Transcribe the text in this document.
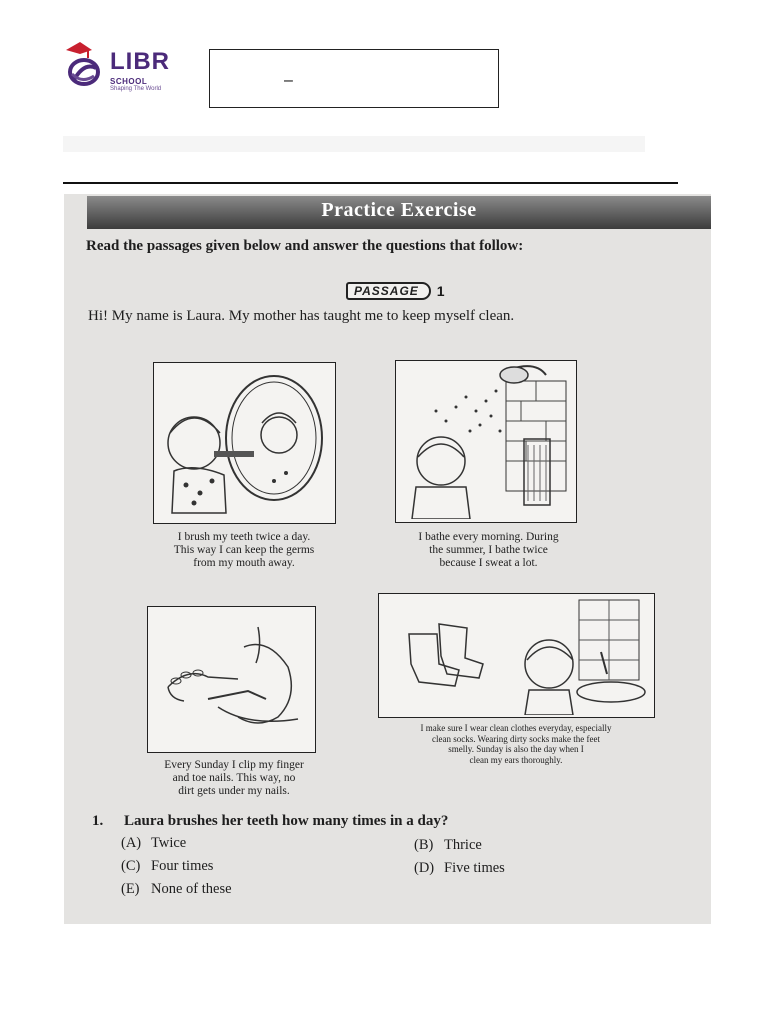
LIBR
SCHOOL
Shaping The World	–
Practice Exercise
Read the passages given below and answer the questions that follow:
PASSAGE	1
Hi! My name is Laura. My mother has taught me to keep myself clean.
I brush my teeth twice a day.
This way I can keep the germs
from my mouth away.
I bathe every morning. During
the summer, I bathe twice
because I sweat a lot.
Every Sunday I clip my finger
and toe nails. This way, no
dirt gets under my nails.
I make sure I wear clean clothes everyday, especially
clean socks. Wearing dirty socks make the feet
smelly. Sunday is also the day when I
clean my ears thoroughly.
1. Laura brushes her teeth how many times in a day?
(A) Twice	(B) Thrice
(C) Four times	(D) Five times
(E) None of these
